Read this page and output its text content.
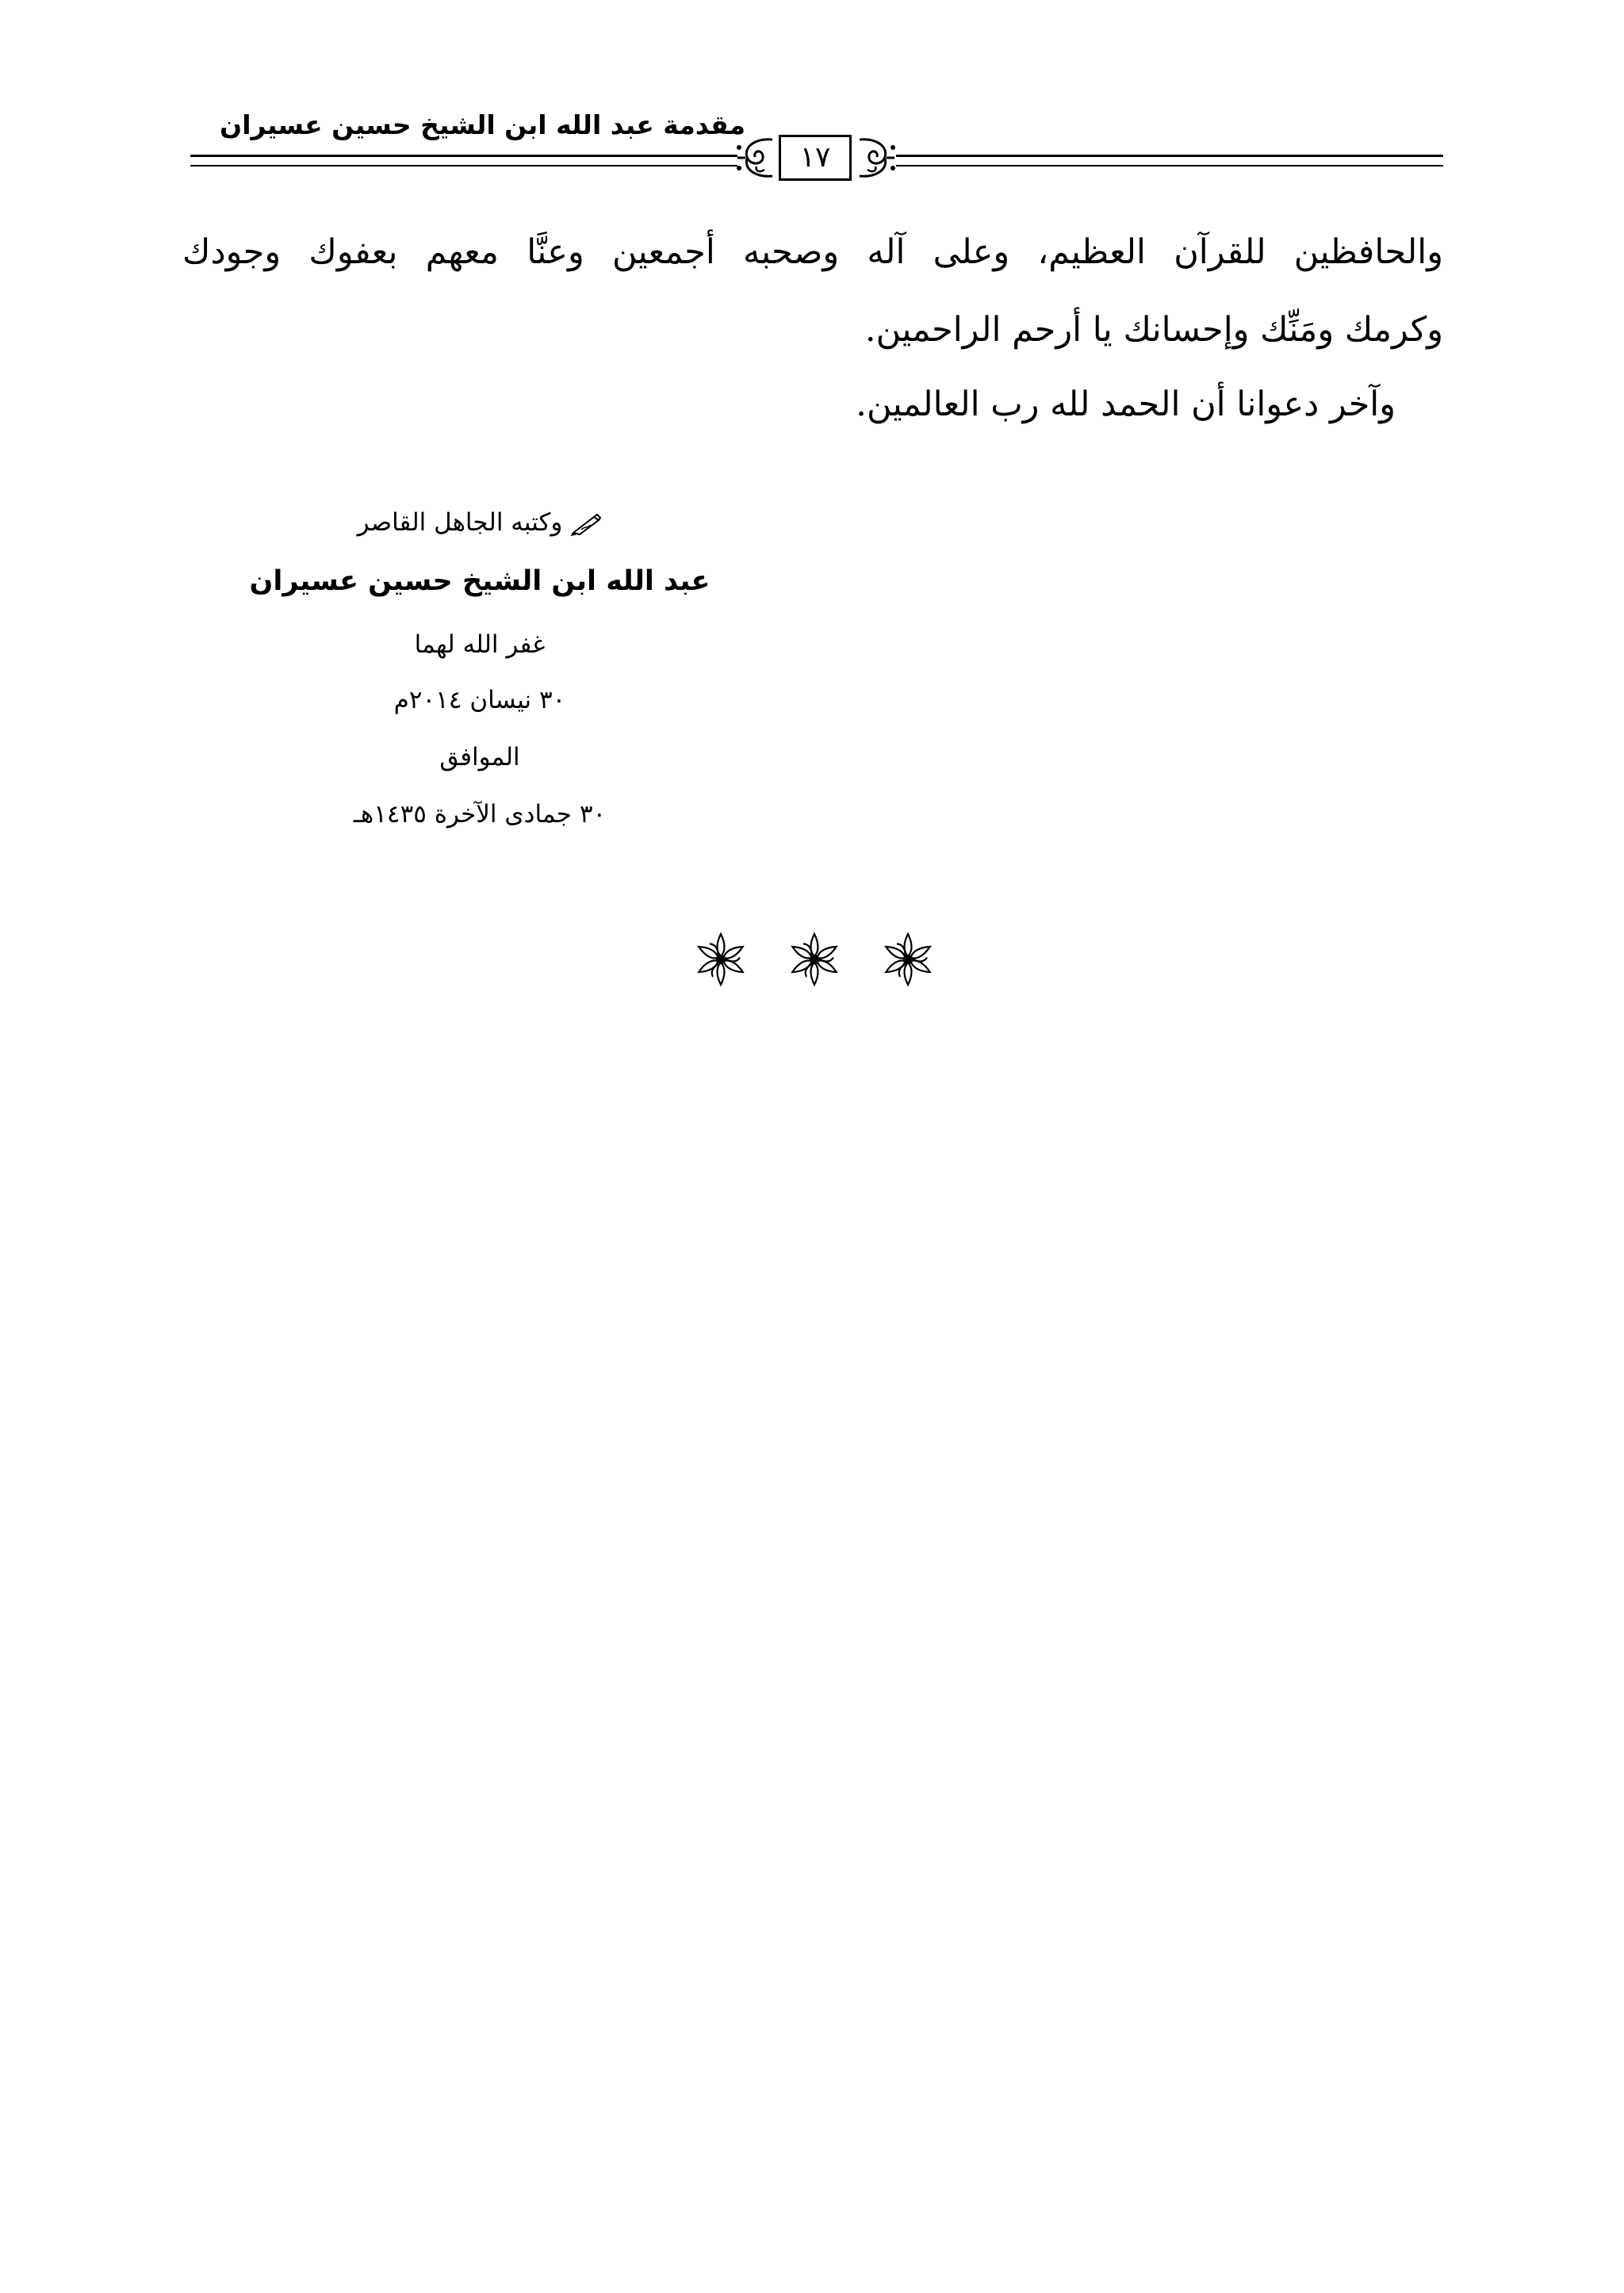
مقدمة عبد الله ابن الشيخ حسين عسيران
١٧
والحافظين للقرآن العظيم، وعلى آله وصحبه أجمعين وعنَّا معهم بعفوك وجودك
وكرمك ومَنِّك وإحسانك يا أرحم الراحمين.
وآخر دعوانا أن الحمد لله رب العالمين.
وكتبه الجاهل القاصر
عبد الله ابن الشيخ حسين عسيران
غفر الله لهما
٣٠ نيسان ٢٠١٤م
الموافق
٣٠ جمادى الآخرة ١٤٣٥هـ
